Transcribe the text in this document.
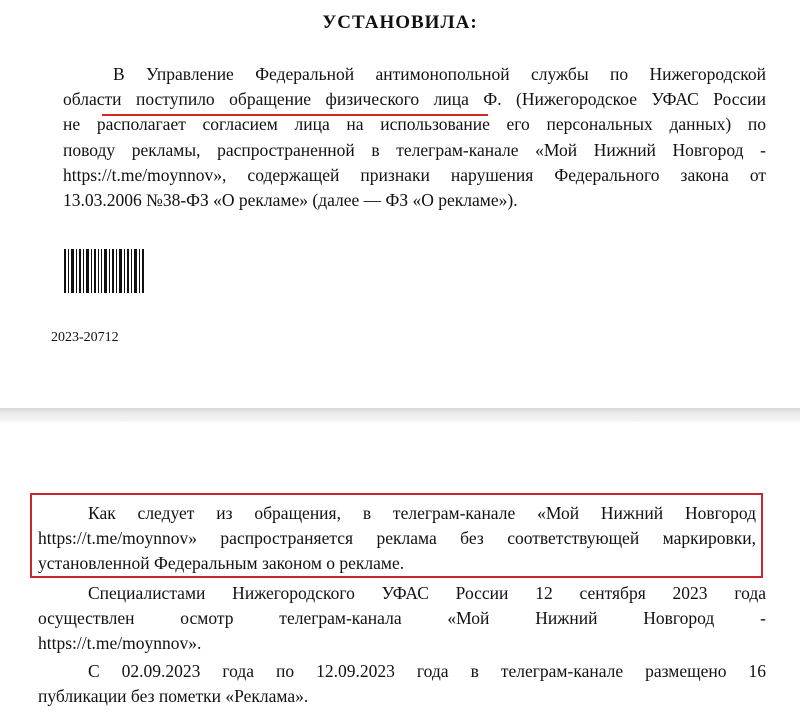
УСТАНОВИЛА:
В Управление Федеральной антимонопольной службы по Нижегородской
области поступило обращение физического лица Ф. (Нижегородское УФАС России
не располагает согласием лица на использование его персональных данных) по
поводу рекламы, распространенной в телеграм-канале «Мой Нижний Новгород -
https://t.me/moynnov», содержащей признаки нарушения Федерального закона от
13.03.2006 №38-ФЗ «О рекламе» (далее — ФЗ «О рекламе»).
2023-20712
Как следует из обращения, в телеграм-канале «Мой Нижний Новгород
https://t.me/moynnov» распространяется реклама без соответствующей маркировки,
установленной Федеральным законом о рекламе.
Специалистами Нижегородского УФАС России 12 сентября 2023 года
осуществлен осмотр телеграм-канала «Мой Нижний Новгород -
https://t.me/moynnov».
С 02.09.2023 года по 12.09.2023 года в телеграм-канале размещено 16
публикации без пометки «Реклама».
